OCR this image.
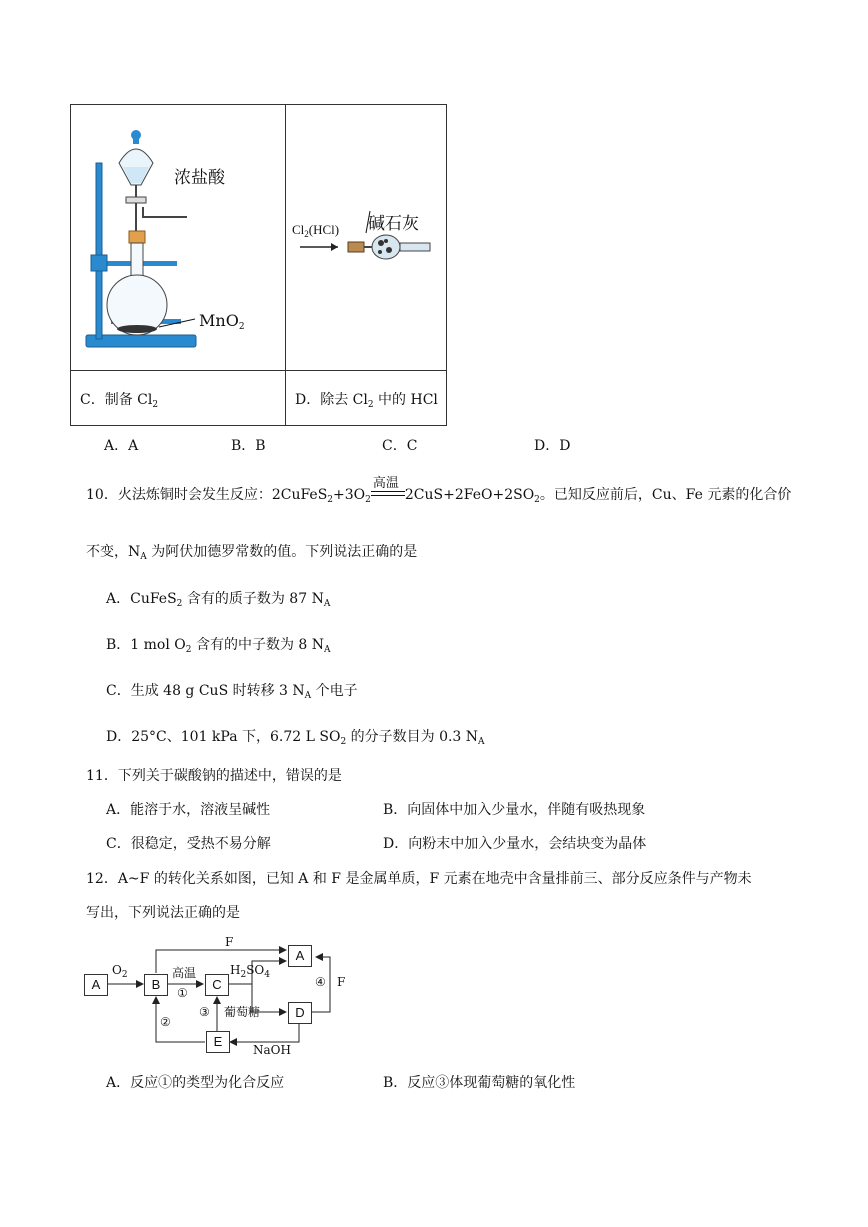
浓盐酸
MnO$_2$
$Cl_2(HCl)$ 碱石灰
C．制备 $Cl_2$	D．除去 $Cl_2$ 中的 HCl
A．A	B．B	C．C	D．D
10．火法炼铜时会发生反应：$2CuFeS_2+3O_2$
高温
$2CuS+2FeO+2SO_2$。已知反应前后，Cu、Fe 元素的化合价
不变，$N_A$ 为阿伏加德罗常数的值。下列说法正确的是
A．CuFeS$_2$ 含有的质子数为 87 $N_A$
B．1 mol $O_2$ 含有的中子数为 8 $N_A$
C．生成 48 g CuS 时转移 3 $N_A$ 个电子
D．25°C、101 kPa 下，6.72 L $SO_2$ 的分子数目为 0.3 $N_A$
11．下列关于碳酸钠的描述中，错误的是
A．能溶于水，溶液呈碱性	B．向固体中加入少量水，伴随有吸热现象
C．很稳定，受热不易分解	D．向粉末中加入少量水，会结块变为晶体
12．A~F 的转化关系如图，已知 A 和 F 是金属单质，F 元素在地壳中含量排前三、部分反应条件与产物未
写出，下列说法正确的是
A	B	C
A
D
E
$O_2$
F
高温
①
$H_2SO_4$	④ F
②
③ 葡萄糖
NaOH
A．反应①的类型为化合反应	B．反应③体现葡萄糖的氧化性
